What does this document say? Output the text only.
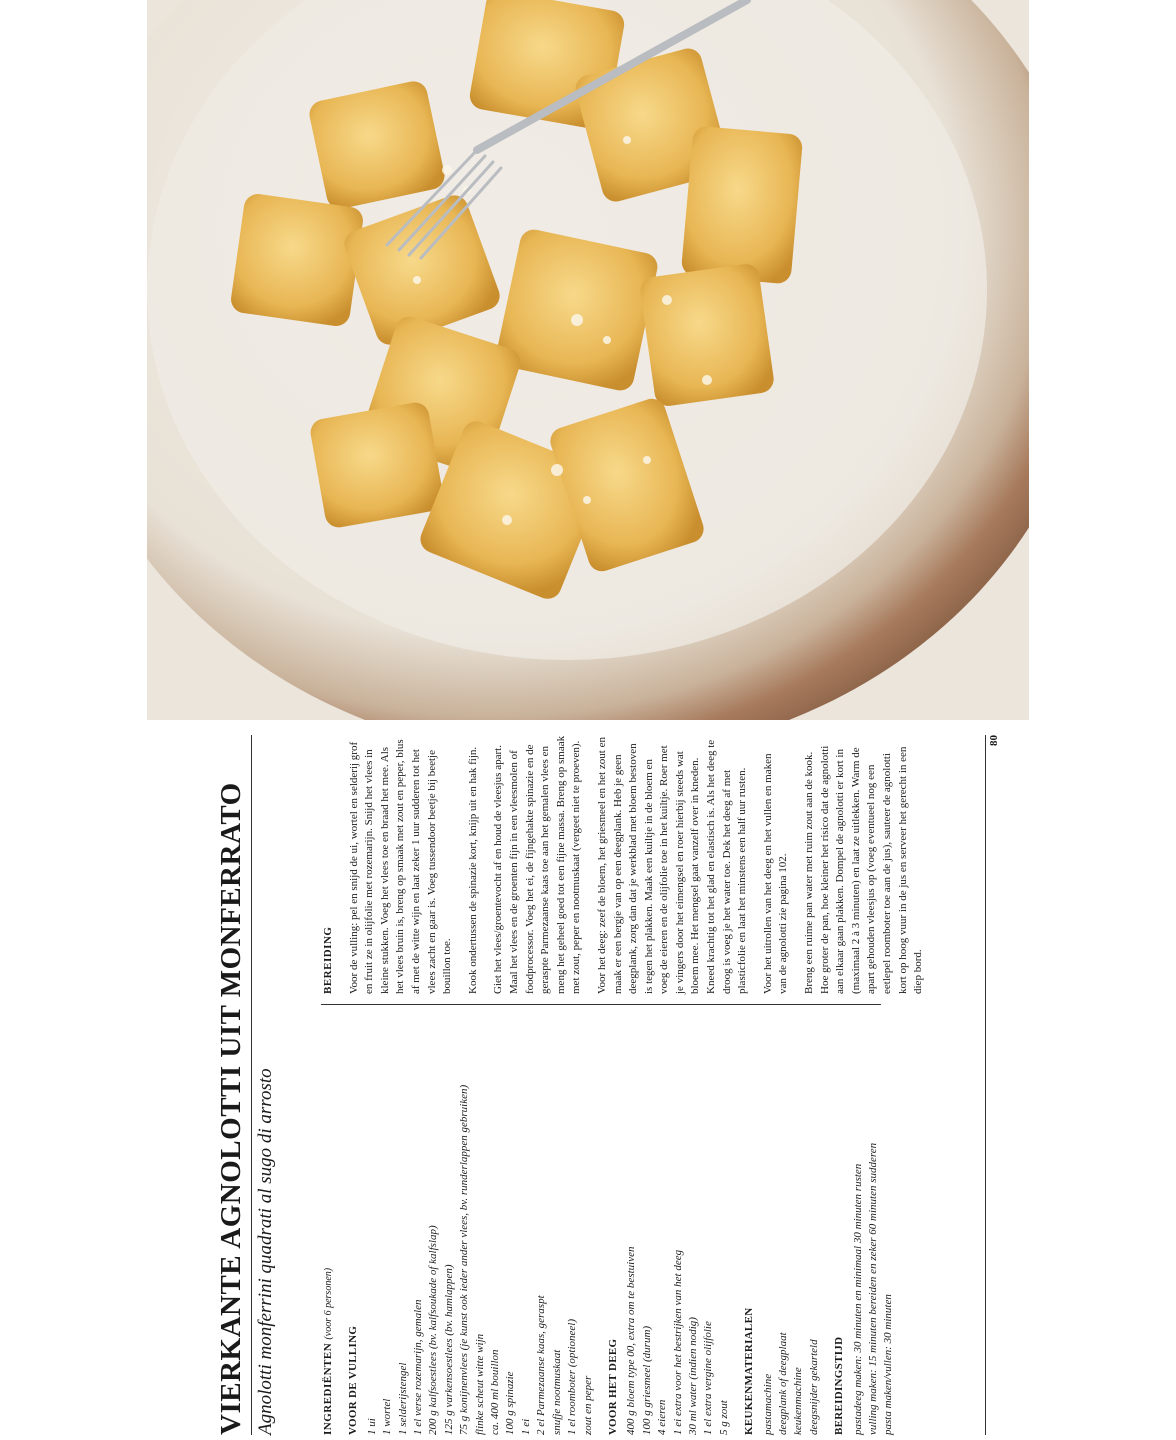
VIERKANTE AGNOLOTTI UIT MONFERRATO Agnolotti monferrini quadrati al sugo di arrosto	INGREDIËNTEN (voor 6 personen)
VOOR DE VULLING 1 ui 1 wortel 1 selderijstengel 1 el verse rozemarijn, gemalen 200 g kalfsoestlees (bv. kalfsoukade of kalfslap) 125 g varkensoestlees (bv. hamlappen) 75 g konijnenvlees (je kunst ook ieder ander vlees, bv. runderlappen gebruiken) flinke scheut witte wijn ca. 400 ml bouillon 100 g spinazie 1 ei 2 el Parmezaanse kaas, geraspt snufje nootmuskaat 1 el roomboter (optioneel) zout en peper VOOR HET DEEG 400 g bloem type 00, extra om te bestuiven 100 g griesmeel (durum) 4 eieren 1 ei extra voor het bestrijken van het deeg 30 ml water (indien nodig) 1 el extra vergine olijfolie 5 g zout KEUKENMATERIALEN pastamachine deegplank of deegplaat keukenmachine deegsnijder gekarteld BEREIDINGSTIJD pastadeeg maken: 30 minuten en minimaal 30 minuten rusten vulling maken: 15 minuten bereiden en zeker 60 minuten sudderen pasta maken/vullen: 30 minuten
BEREIDING Voor de vulling: pel en snijd de ui, wortel en selderij grof en fruit ze in olijfolie met rozemarijn. Snijd het vlees in kleine stukken. Voeg het vlees toe en braad het mee. Als het vlees bruin is, breng op smaak met zout en peper, blus af met de witte wijn en laat zeker 1 uur sudderen tot het vlees zacht en gaar is. Voeg tussendoor beetje bij beetje bouillon toe. Kook ondertussen de spinazie kort, knijp uit en hak fijn. Giet het vlees/groentevocht af en houd de vleesjus apart. Maal het vlees en de groenten fijn in een vleesmolen of foodprocessor. Voeg het ei, de fijngehakte spinazie en de geraspte Parmezaanse kaas toe aan het gemalen vlees en meng het geheel goed tot een fijne massa. Breng op smaak met zout, peper en nootmuskaat (vergeet niet te proeven). Voor het deeg: zeef de bloem, het griesmeel en het zout en maak er een bergje van op een deegplank. Heb je geen deegplank, zorg dan dat je werkblad met bloem bestoven is tegen het plakken. Maak een kuiltje in de bloem en voeg de eieren en de olijfolie toe in het kuiltje. Roer met je vingers door het eimengsel en roer hierbij steeds wat bloem mee. Het mengsel gaat vanzelf over in kneden. Kneed krachtig tot het glad en elastisch is. Als het deeg te droog is voeg je het water toe. Dek het deeg af met plasticfolie en laat het minstens een half uur rusten. Voor het uitrollen van het deeg en het vullen en maken van de agnolotti zie pagina 102. Breng een ruime pan water met ruim zout aan de kook. Hoe groter de pan, hoe kleiner het risico dat de agnolotti aan elkaar gaan plakken. Dompel de agnolotti er kort in (maximaal 2 à 3 minuten) en laat ze uitlekken. Warm de apart gehouden vleesjus op (voeg eventueel nog een eetlepel roomboter toe aan de jus), sauteer de agnolotti kort op hoog vuur in de jus en serveer het gerecht in een diep bord.

80
